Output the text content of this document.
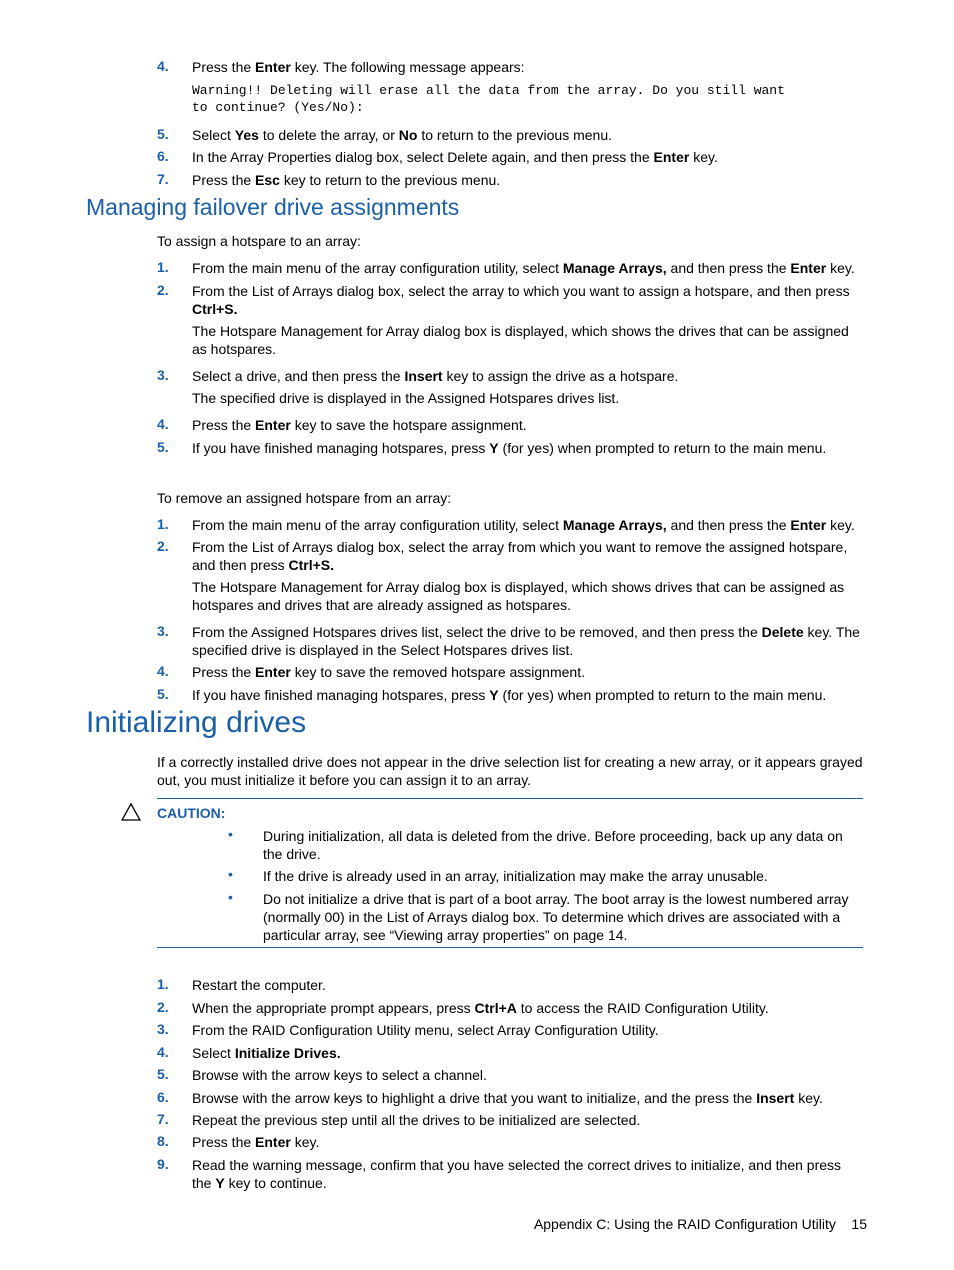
4. Press the Enter key. The following message appears:
Warning!! Deleting will erase all the data from the array. Do you still want
to continue? (Yes/No):
5. Select Yes to delete the array, or No to return to the previous menu.
6. In the Array Properties dialog box, select Delete again, and then press the Enter key.
7. Press the Esc key to return to the previous menu.
Managing failover drive assignments
To assign a hotspare to an array:
1. From the main menu of the array configuration utility, select Manage Arrays, and then press the Enter key.
2. From the List of Arrays dialog box, select the array to which you want to assign a hotspare, and then press Ctrl+S.
The Hotspare Management for Array dialog box is displayed, which shows the drives that can be assigned as hotspares.
3. Select a drive, and then press the Insert key to assign the drive as a hotspare.
The specified drive is displayed in the Assigned Hotspares drives list.
4. Press the Enter key to save the hotspare assignment.
5. If you have finished managing hotspares, press Y (for yes) when prompted to return to the main menu.
To remove an assigned hotspare from an array:
1. From the main menu of the array configuration utility, select Manage Arrays, and then press the Enter key.
2. From the List of Arrays dialog box, select the array from which you want to remove the assigned hotspare, and then press Ctrl+S.
The Hotspare Management for Array dialog box is displayed, which shows drives that can be assigned as hotspares and drives that are already assigned as hotspares.
3. From the Assigned Hotspares drives list, select the drive to be removed, and then press the Delete key. The specified drive is displayed in the Select Hotspares drives list.
4. Press the Enter key to save the removed hotspare assignment.
5. If you have finished managing hotspares, press Y (for yes) when prompted to return to the main menu.
Initializing drives
If a correctly installed drive does not appear in the drive selection list for creating a new array, or it appears grayed out, you must initialize it before you can assign it to an array.
CAUTION:
• During initialization, all data is deleted from the drive. Before proceeding, back up any data on the drive.
• If the drive is already used in an array, initialization may make the array unusable.
• Do not initialize a drive that is part of a boot array. The boot array is the lowest numbered array (normally 00) in the List of Arrays dialog box. To determine which drives are associated with a particular array, see “Viewing array properties” on page 14.
1. Restart the computer.
2. When the appropriate prompt appears, press Ctrl+A to access the RAID Configuration Utility.
3. From the RAID Configuration Utility menu, select Array Configuration Utility.
4. Select Initialize Drives.
5. Browse with the arrow keys to select a channel.
6. Browse with the arrow keys to highlight a drive that you want to initialize, and the press the Insert key.
7. Repeat the previous step until all the drives to be initialized are selected.
8. Press the Enter key.
9. Read the warning message, confirm that you have selected the correct drives to initialize, and then press the Y key to continue.
Appendix C: Using the RAID Configuration Utility 15
